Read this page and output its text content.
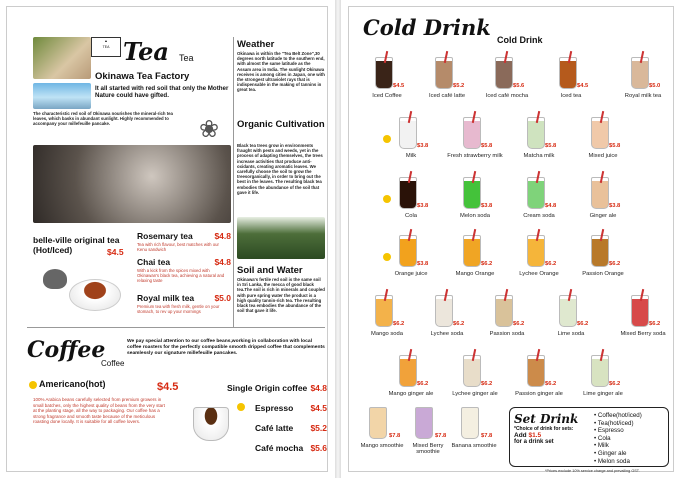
▲
TEA Tea Tea
Okinawa Tea Factory
It all started with red soil that only the Mother Nature could have gifted.
The characteristic red soil of Okinawa nourishes the mineral-rich tea leaves, which basks in abundant sunlight. Highly recommended to accompany your millefeuille pancake.	❀
Weather
Okinawa is within the "Tea Belt Zone",30 degrees north latitude to the southern end, with almost the same latitude as the Assam area in India. The sunlight Okinawa receives is among cities in Japan, one with the strongest ultraviolet rays that is indispensable in the making of tannins in great tea.
Organic Cultivation
Black tea trees grow in environments fraught with pests and weeds, yet in the process of adapting themselves, the trees increase activities that produce anti-oxidants, creating aromatic leaves. We carefully choose the soil to grow the treesorganically, in order to bring out the best in the leaves. The resulting black tea embodies the abundance of the soil that gave it life.
Soil and Water
Okinawa's fertile red soil is the same soil in Sri Lanka, the mecca of good black tea.The soil is rich in minerals and coupled with pure spring water the product is a high quality tannin-rich tea. The resulting black tea embodies the abundance of the soil that gave it life.
belle-ville original tea (Hot/Iced)	$4.5
Rosemary tea	$4.8
Tea with rich flavour, best matches with our Kenu sandwich
Chai tea	$4.8
With a kick from the spices mixed with Okinawan's black tea, achieving a natural and relaxing taste
Royal milk tea $5.0
Premium tea with fresh milk, gentle on your stomach, to rev up your mornings
Coffee
Coffee
We pay special attention to our coffee beans,working in collaboration with local coffee roasters for the perfectly compatible smooth dripped coffee that complements seamlessly our signature millefeuille pancakes.
Americano(hot)	$4.5
100% Arabica beans carefully selected from premium growers in small batches, only the highest quality of beans from the very start at the planting stage, all the way to packaging. Our coffee has a strong fragrance and smooth taste because of the meticulous roasting done locally. It is suitable for all coffee lovers.
Single Origin coffee $4.8
Espresso $4.5
Café latte $5.2
Café mocha $5.6
Cold Drink Cold Drink
$4.5
Iced Coffee
$5.2
Iced café latte
$5.6
Iced café mocha
$4.5
Iced tea
$5.0
Royal milk tea
$3.8
Milk
$5.8
Fresh strawberry milk
$5.8
Matcha milk
$5.8
Mixed juice
$3.8
Cola
$3.8
Melon soda
$4.8
Cream soda
$3.8
Ginger ale
$3.8
Orange juice
$6.2
Mango Orange
$6.2
Lychee Orange
$6.2
Passion Orange
$6.2
Mango soda
$6.2
Lychee soda
$6.2
Passion soda
$6.2
Lime soda
$6.2
Mixed Berry soda
$6.2
Mango ginger ale
$6.2
Lychee ginger ale
$6.2
Passion ginger ale
$6.2
Lime ginger ale
$7.8
Mango smoothie
$7.8
Mixed Berry smoothie
$7.8
Banana smoothie
Set Drink
*Choice of drink for sets:
Add $1.5
for a drink set
• Coffee(hot/iced)
• Tea(hot/iced)
• Espresso
• Cola
• Milk
• Ginger ale
• Melon soda
*Prices exclude 10% service charge and prevailing GST.
